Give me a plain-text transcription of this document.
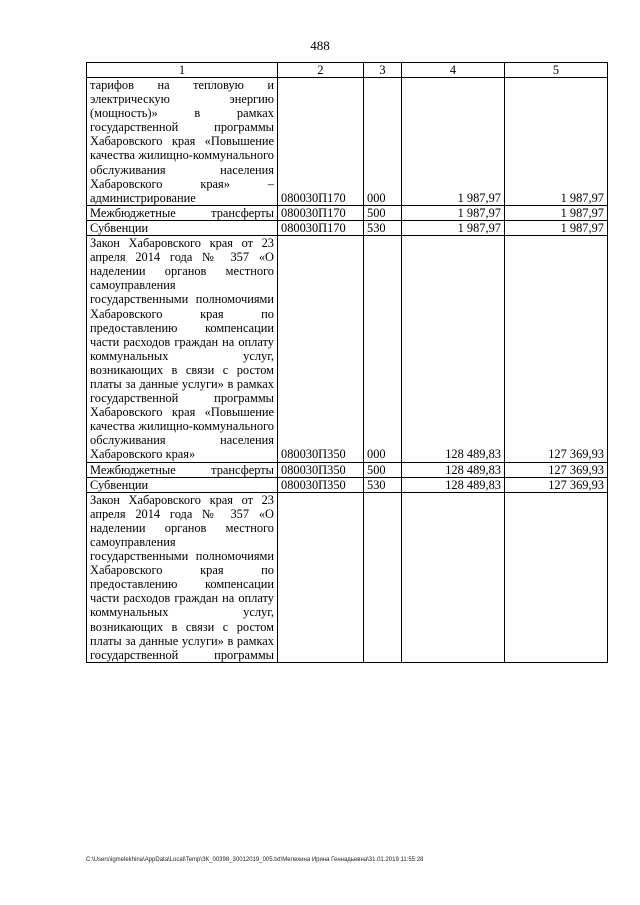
488
1	2	3	4	5
тарифов на тепловую и электрическую энергию (мощность)» в рамках государственной программы Хабаровского края «Повышение качества жилищно-коммунального обслуживания населения Хабаровского края» – администрирование	080030П170	000	1 987,97	1 987,97
Межбюджетные трансферты	080030П170	500	1 987,97	1 987,97
Субвенции	080030П170	530	1 987,97	1 987,97
Закон Хабаровского края от 23 апреля 2014 года № 357 «О наделении органов местного самоуправления государственными полномочиями Хабаровского края по предоставлению компенсации части расходов граждан на оплату коммунальных услуг, возникающих в связи с ростом платы за данные услуги» в рамках государственной программы Хабаровского края «Повышение качества жилищно-коммунального обслуживания населения Хабаровского края»	080030П350	000	128 489,83	127 369,93
Межбюджетные трансферты	080030П350	500	128 489,83	127 369,93
Субвенции	080030П350	530	128 489,83	127 369,93
Закон Хабаровского края от 23 апреля 2014 года № 357 «О наделении органов местного самоуправления государственными полномочиями Хабаровского края по предоставлению компенсации части расходов граждан на оплату коммунальных услуг, возникающих в связи с ростом платы за данные услуги» в рамках государственной программы				
C:\Users\igmelekhina\AppData\Local\Temp\ЗК_00398_30012019_005.txt\Мелехина Ирина Геннадьевна\31.01.2019 11:55:28
